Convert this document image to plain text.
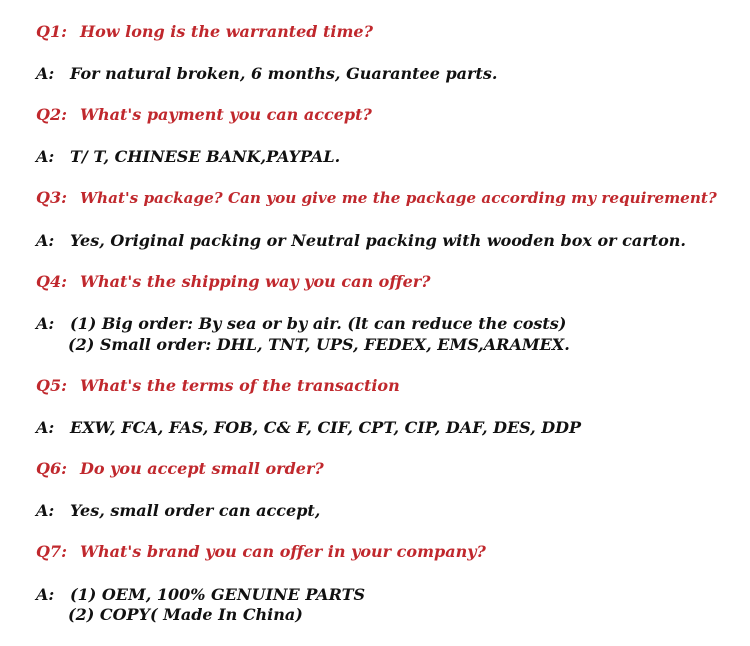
Q1: How long is the warranted time?
A: For natural broken, 6 months, Guarantee parts.
Q2: What's payment you can accept?
A: T/ T, CHINESE BANK,PAYPAL.
Q3: What's package? Can you give me the package according my requirement?
A: Yes, Original packing or Neutral packing with wooden box or carton.
Q4: What's the shipping way you can offer?
A: (1) Big order: By sea or by air. (lt can reduce the costs)
(2) Small order: DHL, TNT, UPS, FEDEX, EMS,ARAMEX.
Q5: What's the terms of the transaction
A: EXW, FCA, FAS, FOB, C& F, CIF, CPT, CIP, DAF, DES, DDP
Q6: Do you accept small order?
A: Yes, small order can accept,
Q7: What's brand you can offer in your company?
A: (1) OEM, 100% GENUINE PARTS
(2) COPY( Made In China)
